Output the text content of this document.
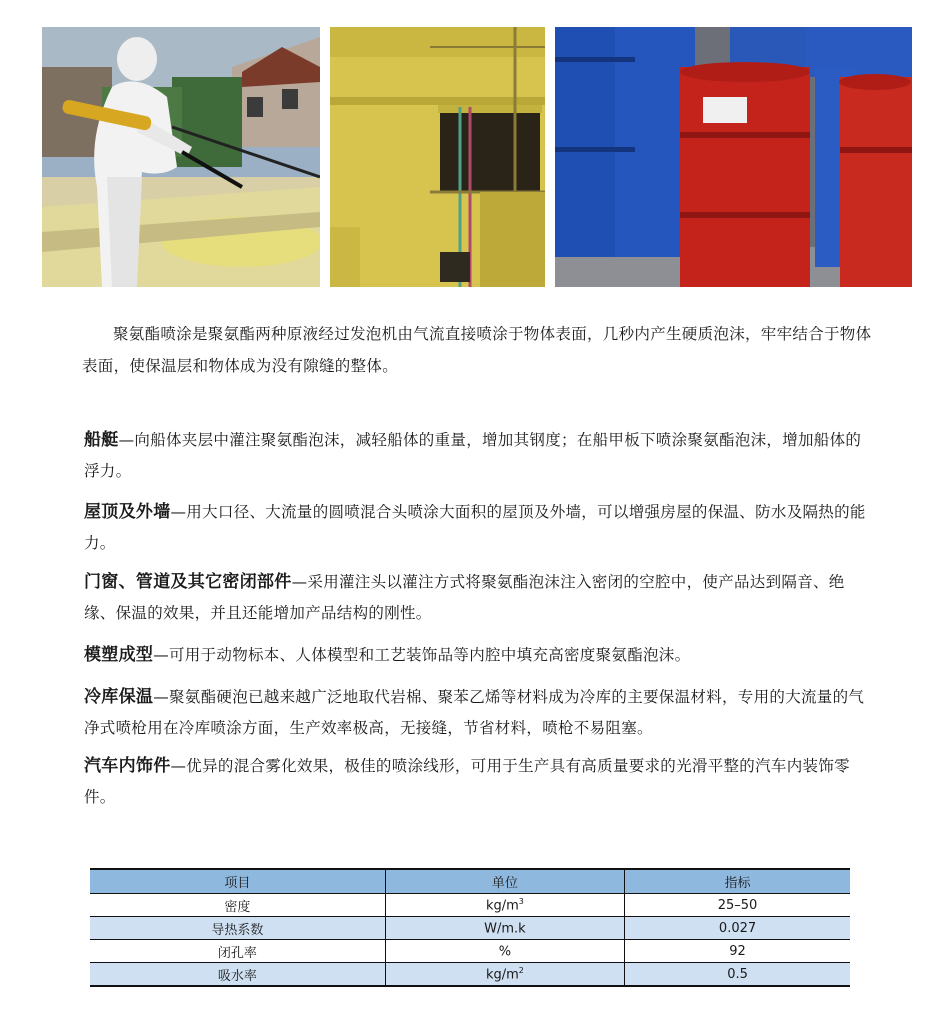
聚氨酯喷涂是聚氨酯两种原液经过发泡机由气流直接喷涂于物体表面，几秒内产生硬质泡沫，牢牢结合于物体表面，使保温层和物体成为没有隙缝的整体。

船艇—向船体夹层中灌注聚氨酯泡沫，减轻船体的重量，增加其钢度；在船甲板下喷涂聚氨酯泡沫，增加船体的浮力。

屋顶及外墙—用大口径、大流量的圆喷混合头喷涂大面积的屋顶及外墙，可以增强房屋的保温、防水及隔热的能力。

门窗、管道及其它密闭部件—采用灌注头以灌注方式将聚氨酯泡沫注入密闭的空腔中，使产品达到隔音、绝缘、保温的效果，并且还能增加产品结构的刚性。

模塑成型—可用于动物标本、人体模型和工艺装饰品等内腔中填充高密度聚氨酯泡沫。

冷库保温—聚氨酯硬泡已越来越广泛地取代岩棉、聚苯乙烯等材料成为冷库的主要保温材料，专用的大流量的气净式喷枪用在冷库喷涂方面，生产效率极高，无接缝，节省材料，喷枪不易阻塞。

汽车内饰件—优异的混合雾化效果，极佳的喷涂线形，可用于生产具有高质量要求的光滑平整的汽车内装饰零件。

项目	单位	指标
密度	$kg/m^3$	25–50
导热系数	W/m.k	0.027
闭孔率	%	92
吸水率	$kg/m^2$	0.5
